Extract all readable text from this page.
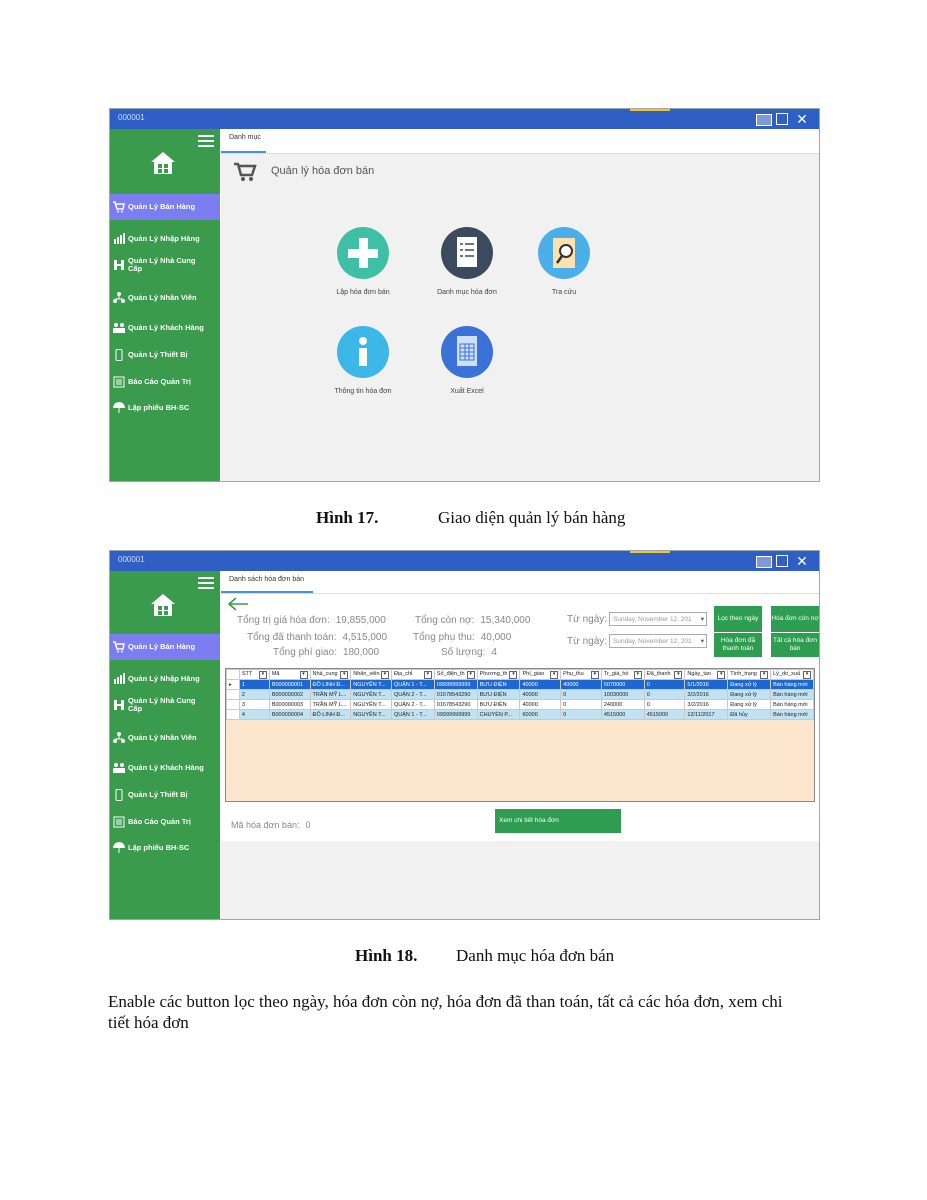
000001	✕
Quản Lý Bán Hàng
Quản Lý Nhập Hàng
Quản Lý Nhà Cung Cấp
Quản Lý Nhân Viên
Quản Lý Khách Hàng
Quản Lý Thiết Bị
Báo Cáo Quản Trị
Lập phiếu BH-SC
Danh mục
Quản lý hóa đơn bán
Lập hóa đơn bán	Danh mục hóa đơn	Tra cứu
Thông tin hóa đơn	Xuất Excel
Hình 17.	Giao diện quản lý bán hàng
000001	✕
Quản Lý Bán Hàng
Quản Lý Nhập Hàng
Quản Lý Nhà Cung Cấp
Quản Lý Nhân Viên
Quản Lý Khách Hàng
Quản Lý Thiết Bị
Báo Cáo Quản Trị
Lập phiếu BH-SC
Danh sách hóa đơn bán
Tổng trị giá hóa đơn: 19,855,000	Tổng còn nợ: 15,340,000
Tổng đã thanh toán: 4,515,000	Tổng phụ thu: 40,000
Tổng phí giao: 180,000	Số lượng: 4
Từ ngày: Sunday, November 12, 201 ▾
Từ ngày: Sunday, November 12, 201 ▾
Lọc theo ngày	Hóa đơn còn nợ
Hóa đơn đã thanh toán
Tất cả hóa đơn bán
	STT ▾	Mã ▾	Nhà_cung ▾	Nhân_viên ▾	Địa_chỉ ▾	Số_điện_th ▾	Phương_th ▾	Phí_giao ▾	Phụ_thu ▾	Tr_giá_hó ▾	Đã_thanh ▾	Ngày_tao ▾	Tình_trạng ▾	Lý_do_xuấ ▾

▸	1	B000000001	ĐỖ LINH Đ...	NGUYỄN T...	QUẬN 1 - T...	09999999999	BƯU ĐIỆN	40000	40000	5070000	0	5/1/2016	Đang xử lý	Bán hàng mới
	2	B000000002	TRẦN MỸ L...	NGUYỄN T...	QUẬN 2 - T...	01678543290	BƯU ĐIỆN	40000	0	10030000	0	3/2/2016	Đang xử lý	Bán hàng mới
	3	B000000003	TRẦN MỸ L...	NGUYỄN T...	QUẬN 2 - T...	01678543290	BƯU ĐIỆN	40000	0	240000	0	3/2/2016	Đang xử lý	Bán hàng mới
	4	B000000004	ĐỖ LINH Đ...	NGUYỄN T...	QUẬN 1 - T...	09999999999	CHUYỂN P...	60000	0	4515000	4515000	12/11/2017	Đã hủy	Bán hàng mới
Mã hóa đơn bán: 0	Xem chi tiết hóa đơn
Hình 18. Danh mục hóa đơn bán
Enable các button lọc theo ngày, hóa đơn còn nợ, hóa đơn đã than toán, tất cả các hóa đơn, xem chi tiết hóa đơn
